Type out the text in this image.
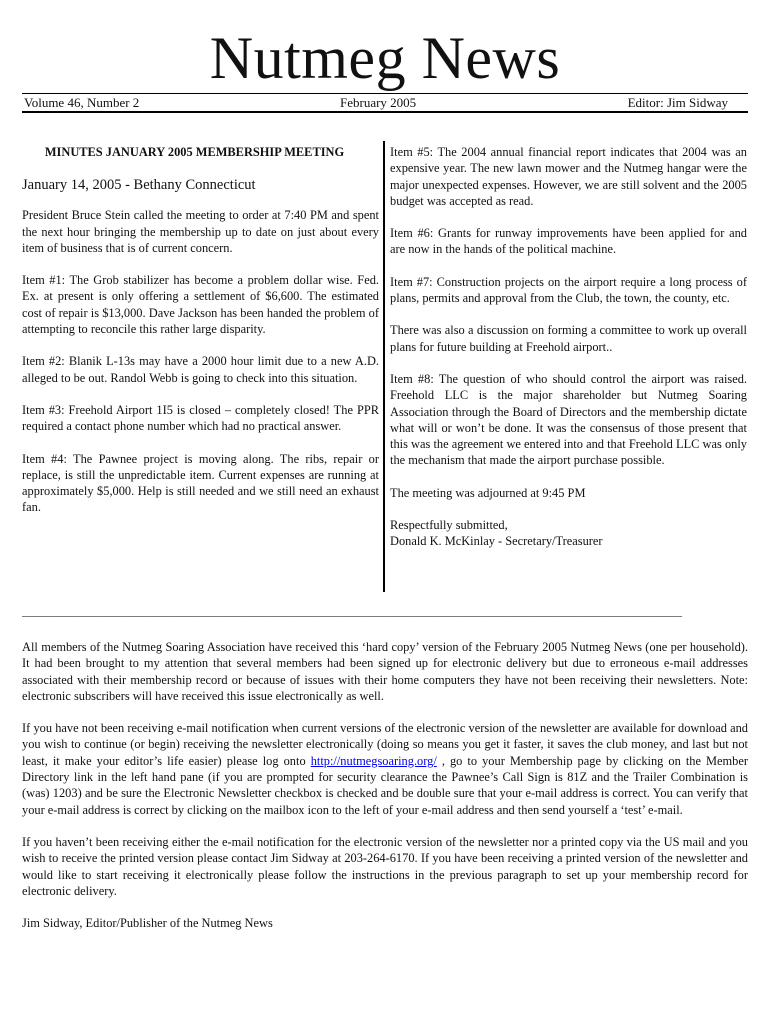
Nutmeg News
Volume 46, Number 2	February 2005	Editor: Jim Sidway

MINUTES JANUARY 2005 MEMBERSHIP MEETING

January 14, 2005 - Bethany Connecticut

President Bruce Stein called the meeting to order at 7:40 PM and spent the next hour bringing the membership up to date on just about every item of business that is of current concern.

Item #1: The Grob stabilizer has become a problem dollar wise. Fed. Ex. at present is only offering a settlement of $6,600. The estimated cost of repair is $13,000. Dave Jackson has been handed the problem of attempting to reconcile this rather large disparity.

Item #2: Blanik L-13s may have a 2000 hour limit due to a new A.D. alleged to be out. Randol Webb is going to check into this situation.

Item #3: Freehold Airport 1I5 is closed – completely closed! The PPR required a contact phone number which had no practical answer.

Item #4: The Pawnee project is moving along. The ribs, repair or replace, is still the unpredictable item. Current expenses are running at approximately $5,000. Help is still needed and we still need an exhaust fan.

Item #5: The 2004 annual financial report indicates that 2004 was an expensive year. The new lawn mower and the Nutmeg hangar were the major unexpected expenses. However, we are still solvent and the 2005 budget was accepted as read.

Item #6: Grants for runway improvements have been applied for and are now in the hands of the political machine.

Item #7: Construction projects on the airport require a long process of plans, permits and approval from the Club, the town, the county, etc.

There was also a discussion on forming a committee to work up overall plans for future building at Freehold airport..

Item #8: The question of who should control the airport was raised. Freehold LLC is the major shareholder but Nutmeg Soaring Association through the Board of Directors and the membership dictate what will or won’t be done. It was the consensus of those present that this was the agreement we entered into and that Freehold LLC was only the mechanism that made the airport purchase possible.

The meeting was adjourned at 9:45 PM

Respectfully submitted,

Donald K. McKinlay - Secretary/Treasurer

______________________________________________________________________________________________________________

All members of the Nutmeg Soaring Association have received this ‘hard copy’ version of the February 2005 Nutmeg News (one per household). It had been brought to my attention that several members had been signed up for electronic delivery but due to erroneous e-mail addresses associated with their membership record or because of issues with their home computers they have not been receiving their newsletters. Note: electronic subscribers will have received this issue electronically as well.

If you have not been receiving e-mail notification when current versions of the electronic version of the newsletter are available for download and you wish to continue (or begin) receiving the newsletter electronically (doing so means you get it faster, it saves the club money, and last but not least, it make your editor’s life easier) please log onto http://nutmegsoaring.org/ , go to your Membership page by clicking on the Member Directory link in the left hand pane (if you are prompted for security clearance the Pawnee’s Call Sign is 81Z and the Trailer Combination is (was) 1203) and be sure the Electronic Newsletter checkbox is checked and be double sure that your e-mail address is correct. You can verify that your e-mail address is correct by clicking on the mailbox icon to the left of your e-mail address and then send yourself a ‘test’ e-mail.

If you haven’t been receiving either the e-mail notification for the electronic version of the newsletter nor a printed copy via the US mail and you wish to receive the printed version please contact Jim Sidway at 203-264-6170. If you have been receiving a printed version of the newsletter and would like to start receiving it electronically please follow the instructions in the previous paragraph to set up your membership record for electronic delivery.

Jim Sidway, Editor/Publisher of the Nutmeg News
